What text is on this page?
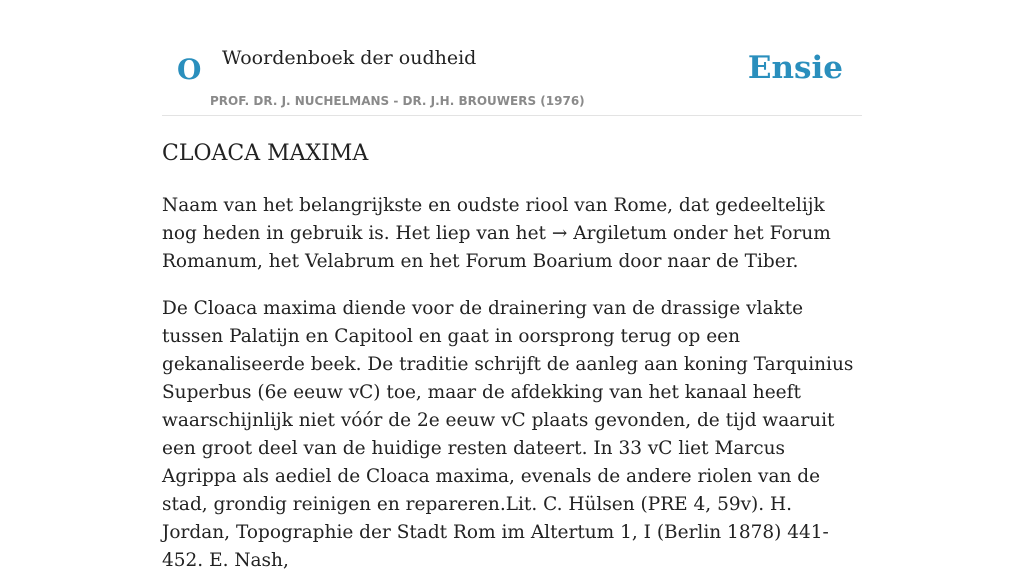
O Woordenboek der oudheid
PROF. DR. J. NUCHELMANS - DR. J.H. BROUWERS (1976)
Ensie
CLOACA MAXIMA

Naam van het belangrijkste en oudste riool van Rome, dat gedeeltelijk nog heden in gebruik is. Het liep van het → Argiletum onder het Forum Romanum, het Velabrum en het Forum Boarium door naar de Tiber.

De Cloaca maxima diende voor de drainering van de drassige vlakte tussen Palatijn en Capitool en gaat in oorsprong terug op een gekanaliseerde beek. De traditie schrijft de aanleg aan koning Tarquinius Superbus (6e eeuw vC) toe, maar de afdekking van het kanaal heeft waarschijnlijk niet vóór de 2e eeuw vC plaats gevonden, de tijd waaruit een groot deel van de huidige resten dateert. In 33 vC liet Marcus Agrippa als aediel de Cloaca maxima, evenals de andere riolen van de stad, grondig reinigen en repareren.Lit. C. Hülsen (PRE 4, 59v). H. Jordan, Topographie der Stadt Rom im Altertum 1, I (Berlin 1878) 441-452. E. Nash,
